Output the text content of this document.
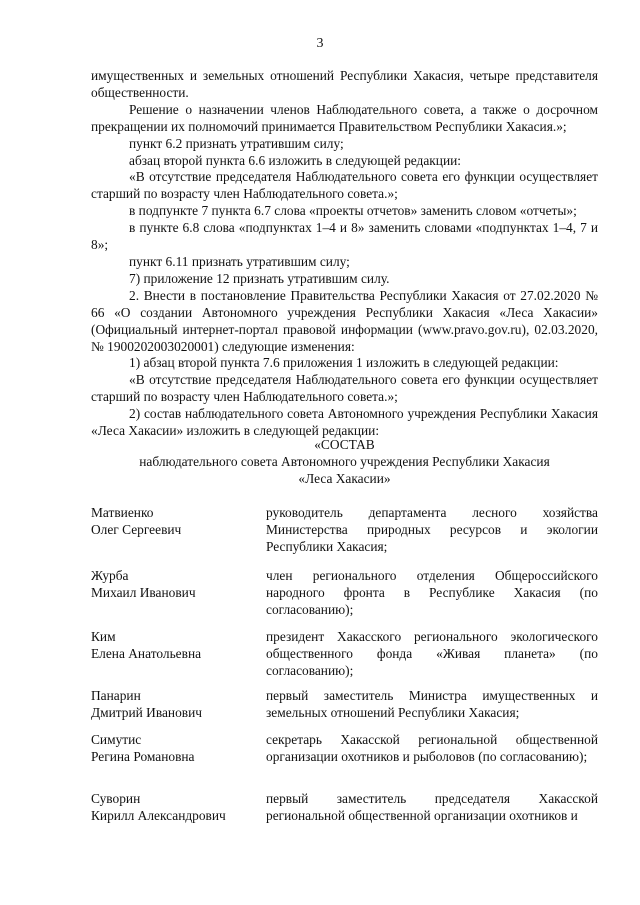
3

имущественных и земельных отношений Республики Хакасия, четыре представителя общественности.

Решение о назначении членов Наблюдательного совета, а также о досрочном прекращении их полномочий принимается Правительством Республики Хакасия.»;

пункт 6.2 признать утратившим силу;

абзац второй пункта 6.6 изложить в следующей редакции:

«В отсутствие председателя Наблюдательного совета его функции осуществляет старший по возрасту член Наблюдательного совета.»;

в подпункте 7 пункта 6.7 слова «проекты отчетов» заменить словом «отчеты»;

в пункте 6.8 слова «подпунктах 1–4 и 8» заменить словами «подпунктах 1–4, 7 и 8»;

пункт 6.11 признать утратившим силу;

7) приложение 12 признать утратившим силу.

2. Внести в постановление Правительства Республики Хакасия от 27.02.2020 № 66 «О создании Автономного учреждения Республики Хакасия «Леса Хакасии» (Официальный интернет-портал правовой информации (www.pravo.gov.ru), 02.03.2020, № 1900202003020001) следующие изменения:

1) абзац второй пункта 7.6 приложения 1 изложить в следующей редакции:

«В отсутствие председателя Наблюдательного совета его функции осуществляет старший по возрасту член Наблюдательного совета.»;

2) состав наблюдательного совета Автономного учреждения Республики Хакасия «Леса Хакасии» изложить в следующей редакции:

«СОСТАВ
наблюдательного совета Автономного учреждения Республики Хакасия
«Леса Хакасии»
Матвиенко
Олег Сергеевич
руководитель департамента лесного хозяйства Министерства природных ресурсов и экологии Республики Хакасия;
Журба
Михаил Иванович
член регионального отделения Общероссийского народного фронта в Республике Хакасия (по согласованию);
Ким
Елена Анатольевна
президент Хакасского регионального экологического общественного фонда «Живая планета» (по согласованию);
Панарин
Дмитрий Иванович
первый заместитель Министра имущественных и земельных отношений Республики Хакасия;
Симутис
Регина Романовна
секретарь Хакасской региональной общественной организации охотников и рыболовов (по согласованию);
Суворин
Кирилл Александрович
первый заместитель председателя Хакасской региональной общественной организации охотников и
